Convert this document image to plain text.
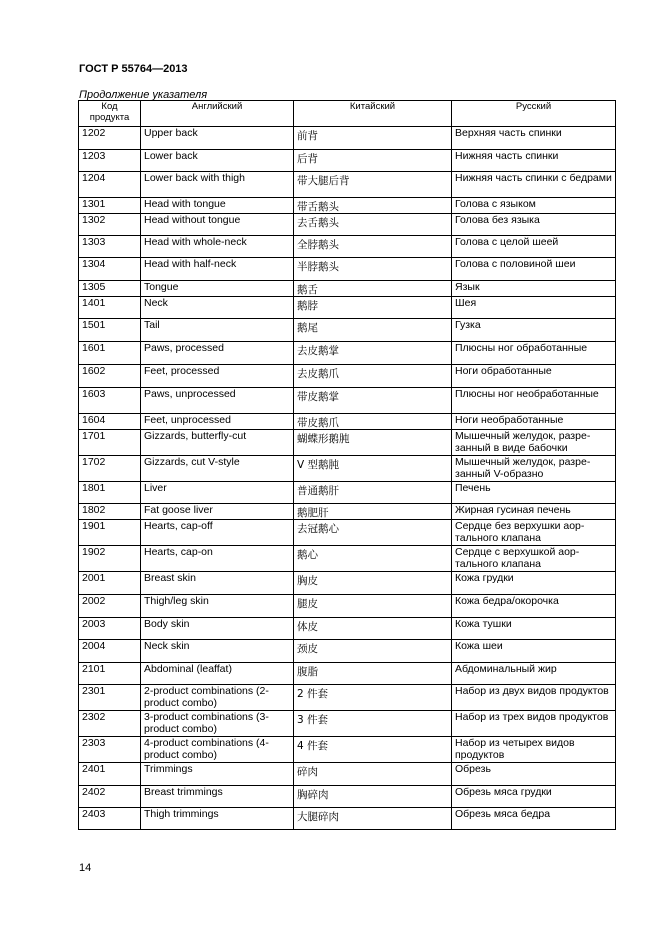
ГОСТ Р 55764—2013
Продолжение указателя
Код продукта	Английский	Китайский	Русский
1202	Upper back	前背	Верхняя часть спинки
1203	Lower back	后背	Нижняя часть спинки
1204	Lower back with thigh	带大腿后背	Нижняя часть спинки с бедрами
1301	Head with tongue	带舌鹅头	Голова с языком
1302	Head without tongue	去舌鹅头	Голова без языка
1303	Head with whole-neck	全脖鹅头	Голова с целой шеей
1304	Head with half-neck	半脖鹅头	Голова с половиной шеи
1305	Tongue	鹅舌	Язык
1401	Neck	鹅脖	Шея
1501	Tail	鹅尾	Гузка
1601	Paws, processed	去皮鹅掌	Плюсны ног обработанные
1602	Feet, processed	去皮鹅爪	Ноги обработанные
1603	Paws, unprocessed	带皮鹅掌	Плюсны ног необработанные
1604	Feet, unprocessed	带皮鹅爪	Ноги необработанные
1701	Gizzards, butterfly-cut	蝴蝶形鹅肫	Мышечный желудок, разрезанный в виде бабочки
1702	Gizzards, cut V-style	V 型鹅肫	Мышечный желудок, разрезанный V-образно
1801	Liver	普通鹅肝	Печень
1802	Fat goose liver	鹅肥肝	Жирная гусиная печень
1901	Hearts, cap-off	去冠鹅心	Сердце без верхушки аортального клапана
1902	Hearts, cap-on	鹅心	Сердце с верхушкой аортального клапана
2001	Breast skin	胸皮	Кожа грудки
2002	Thigh/leg skin	腿皮	Кожа бедра/окорочка
2003	Body skin	体皮	Кожа тушки
2004	Neck skin	颈皮	Кожа шеи
2101	Abdominal (leaffat)	腹脂	Абдоминальный жир
2301	2-product combinations (2-product combo)	2 件套	Набор из двух видов продуктов
2302	3-product combinations (3-product combo)	3 件套	Набор из трех видов продуктов
2303	4-product combinations (4-product combo)	4 件套	Набор из четырех видов продуктов
2401	Trimmings	碎肉	Обрезь
2402	Breast trimmings	胸碎肉	Обрезь мяса грудки
2403	Thigh trimmings	大腿碎肉	Обрезь мяса бедра
14
